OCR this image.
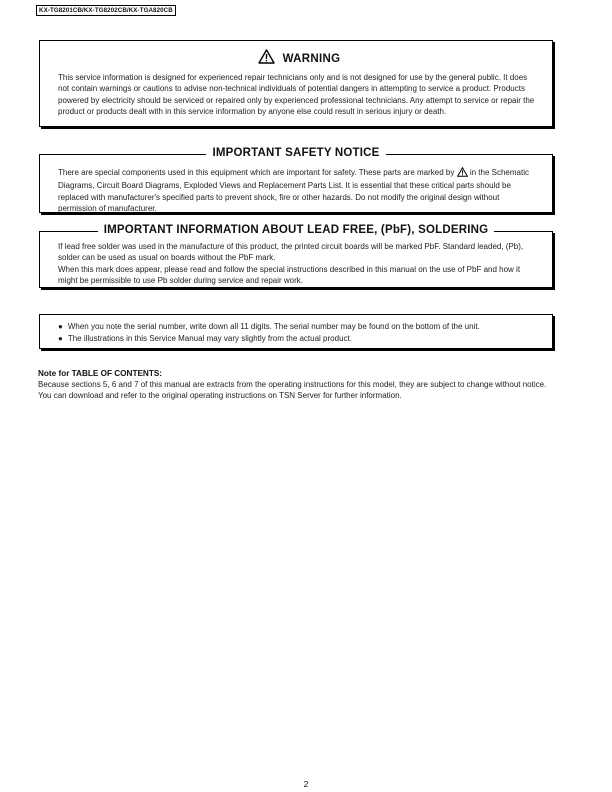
KX-TG8201CB/KX-TG8202CB/KX-TGA820CB
WARNING

This service information is designed for experienced repair technicians only and is not designed for use by the general public. It does not contain warnings or cautions to advise non-technical individuals of potential dangers in attempting to service a product. Products powered by electricity should be serviced or repaired only by experienced professional technicians. Any attempt to service or repair the product or products dealt with in this service information by anyone else could result in serious injury or death.

IMPORTANT SAFETY NOTICE

There are special components used in this equipment which are important for safety. These parts are marked by in the Schematic Diagrams, Circuit Board Diagrams, Exploded Views and Replacement Parts List. It is essential that these critical parts should be replaced with manufacturer's specified parts to prevent shock, fire or other hazards. Do not modify the original design without permission of manufacturer.

IMPORTANT INFORMATION ABOUT LEAD FREE, (PbF), SOLDERING

If lead free solder was used in the manufacture of this product, the printed circuit boards will be marked PbF. Standard leaded, (Pb), solder can be used as usual on boards without the PbF mark.

When this mark does appear, please read and follow the special instructions described in this manual on the use of PbF and how it might be permissible to use Pb solder during service and repair work.

● When you note the serial number, write down all 11 digits. The serial number may be found on the bottom of the unit.
● The illustrations in this Service Manual may vary slightly from the actual product.
Note for TABLE OF CONTENTS:
Because sections 5, 6 and 7 of this manual are extracts from the operating instructions for this model, they are subject to change without notice. You can download and refer to the original operating instructions on TSN Server for further information.
2
